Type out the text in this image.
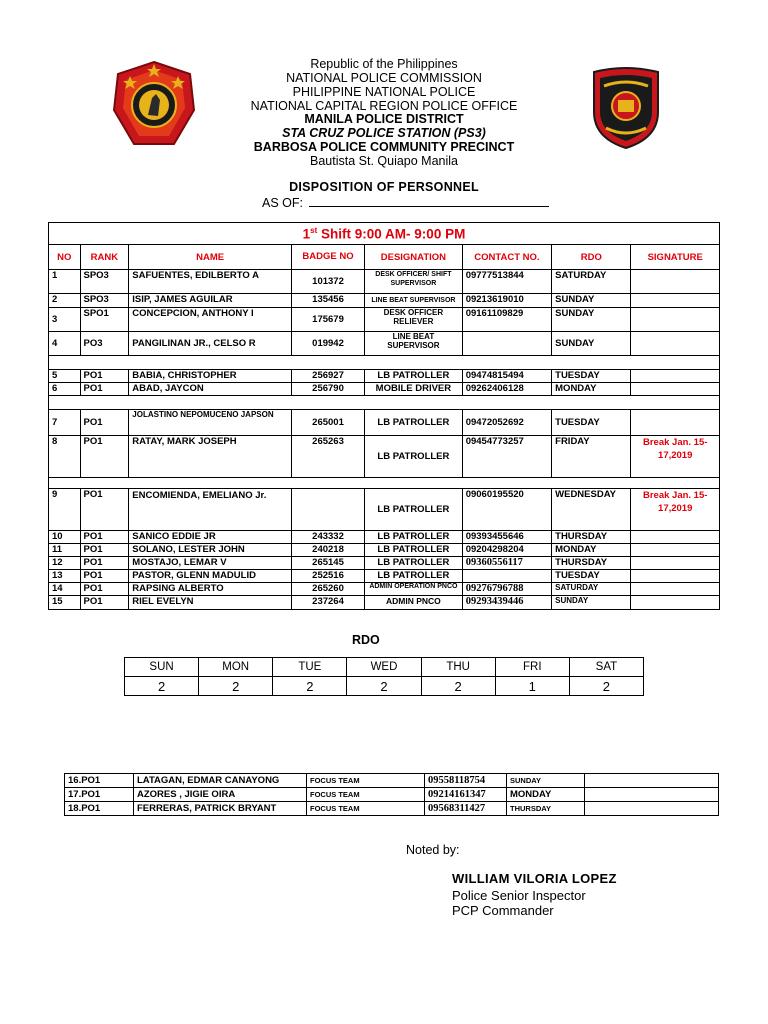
Republic of the Philippines
NATIONAL POLICE COMMISSION
PHILIPPINE NATIONAL POLICE
NATIONAL CAPITAL REGION POLICE OFFICE
MANILA POLICE DISTRICT
STA CRUZ POLICE STATION (PS3)
BARBOSA POLICE COMMUNITY PRECINCT
Bautista St. Quiapo Manila
DISPOSITION OF PERSONNEL
AS OF:
1st Shift 9:00 AM- 9:00 PM							
NO	RANK	NAME	BADGE NO	DESIGNATION	CONTACT NO.	RDO	SIGNATURE
1	SPO3	SAFUENTES, EDILBERTO A	101372	DESK OFFICER/ SHIFT SUPERVISOR	09777513844	SATURDAY	
2	SPO3	ISIP, JAMES AGUILAR	135456	LINE BEAT SUPERVISOR	09213619010	SUNDAY	
3	SPO1	CONCEPCION, ANTHONY I	175679	DESK OFFICER RELIEVER	09161109829	SUNDAY	
4	PO3	PANGILINAN JR., CELSO R	019942	LINE BEAT SUPERVISOR		SUNDAY	

5	PO1	BABIA, CHRISTOPHER	256927	LB PATROLLER	09474815494	TUESDAY	
6	PO1	ABAD, JAYCON	256790	MOBILE DRIVER	09262406128	MONDAY	

7	PO1	JOLASTINO NEPOMUCENO JAPSON	265001	LB PATROLLER	09472052692	TUESDAY	
8	PO1	RATAY, MARK JOSEPH	265263	LB PATROLLER	09454773257	FRIDAY	Break Jan. 15-17,2019

9	PO1	ENCOMIENDA, EMELIANO Jr.		LB PATROLLER	09060195520	WEDNESDAY	Break Jan. 15-17,2019
10	PO1	SANICO EDDIE JR	243332	LB PATROLLER	09393455646	THURSDAY	
11	PO1	SOLANO, LESTER JOHN	240218	LB PATROLLER	09204298204	MONDAY	
12	PO1	MOSTAJO, LEMAR V	265145	LB PATROLLER	09360556117	THURSDAY	
13	PO1	PASTOR, GLENN MADULID	252516	LB PATROLLER		TUESDAY	
14	PO1	RAPSING ALBERTO	265260	ADMIN OPERATION PNCO	09276796788	SATURDAY	
15	PO1	RIEL EVELYN	237264	ADMIN PNCO	09293439446	SUNDAY	
RDO
SUN	MON	TUE	WED	THU	FRI	SAT
2	2	2	2	2	1	2
16.PO1	LATAGAN, EDMAR CANAYONG	FOCUS TEAM	09558118754	SUNDAY	
17.PO1	AZORES , JIGIE OIRA	FOCUS TEAM	09214161347	MONDAY	
18.PO1	FERRERAS, PATRICK BRYANT	FOCUS TEAM	09568311427	THURSDAY	
Noted by:
WILLIAM VILORIA LOPEZ
Police Senior Inspector
PCP Commander
